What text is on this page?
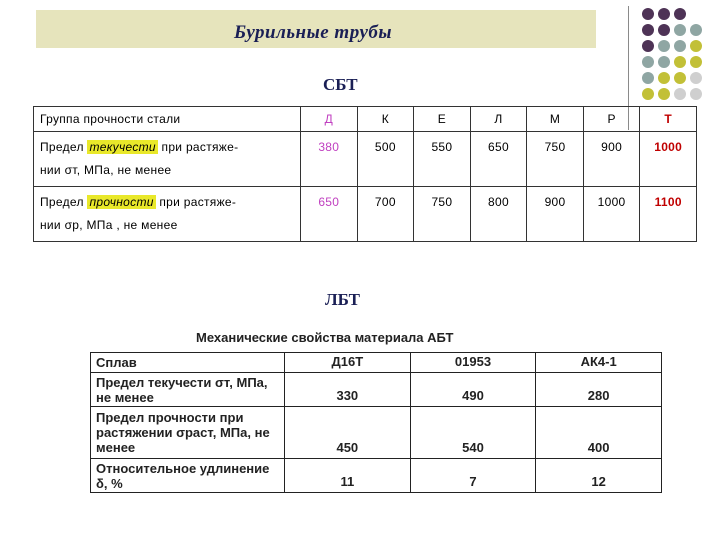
Бурильные трубы
СБТ
Группа прочности стали	Д	К	Е	Л	М	Р	Т
Предел текучести при растяже-
нии σт, МПа, не менее	380	500	550	650	750	900	1000
Предел прочности при растяже-
нии σр, МПа , не менее	650	700	750	800	900	1000	1100
ЛБТ
Механические свойства материала АБТ
Сплав	Д16Т	01953	АК4-1
Предел текучести σт, МПа, не менее	330	490	280
Предел прочности при растяжении σраст, МПа, не менее	450	540	400
Относительное удлинение δ, %	11	7	12
